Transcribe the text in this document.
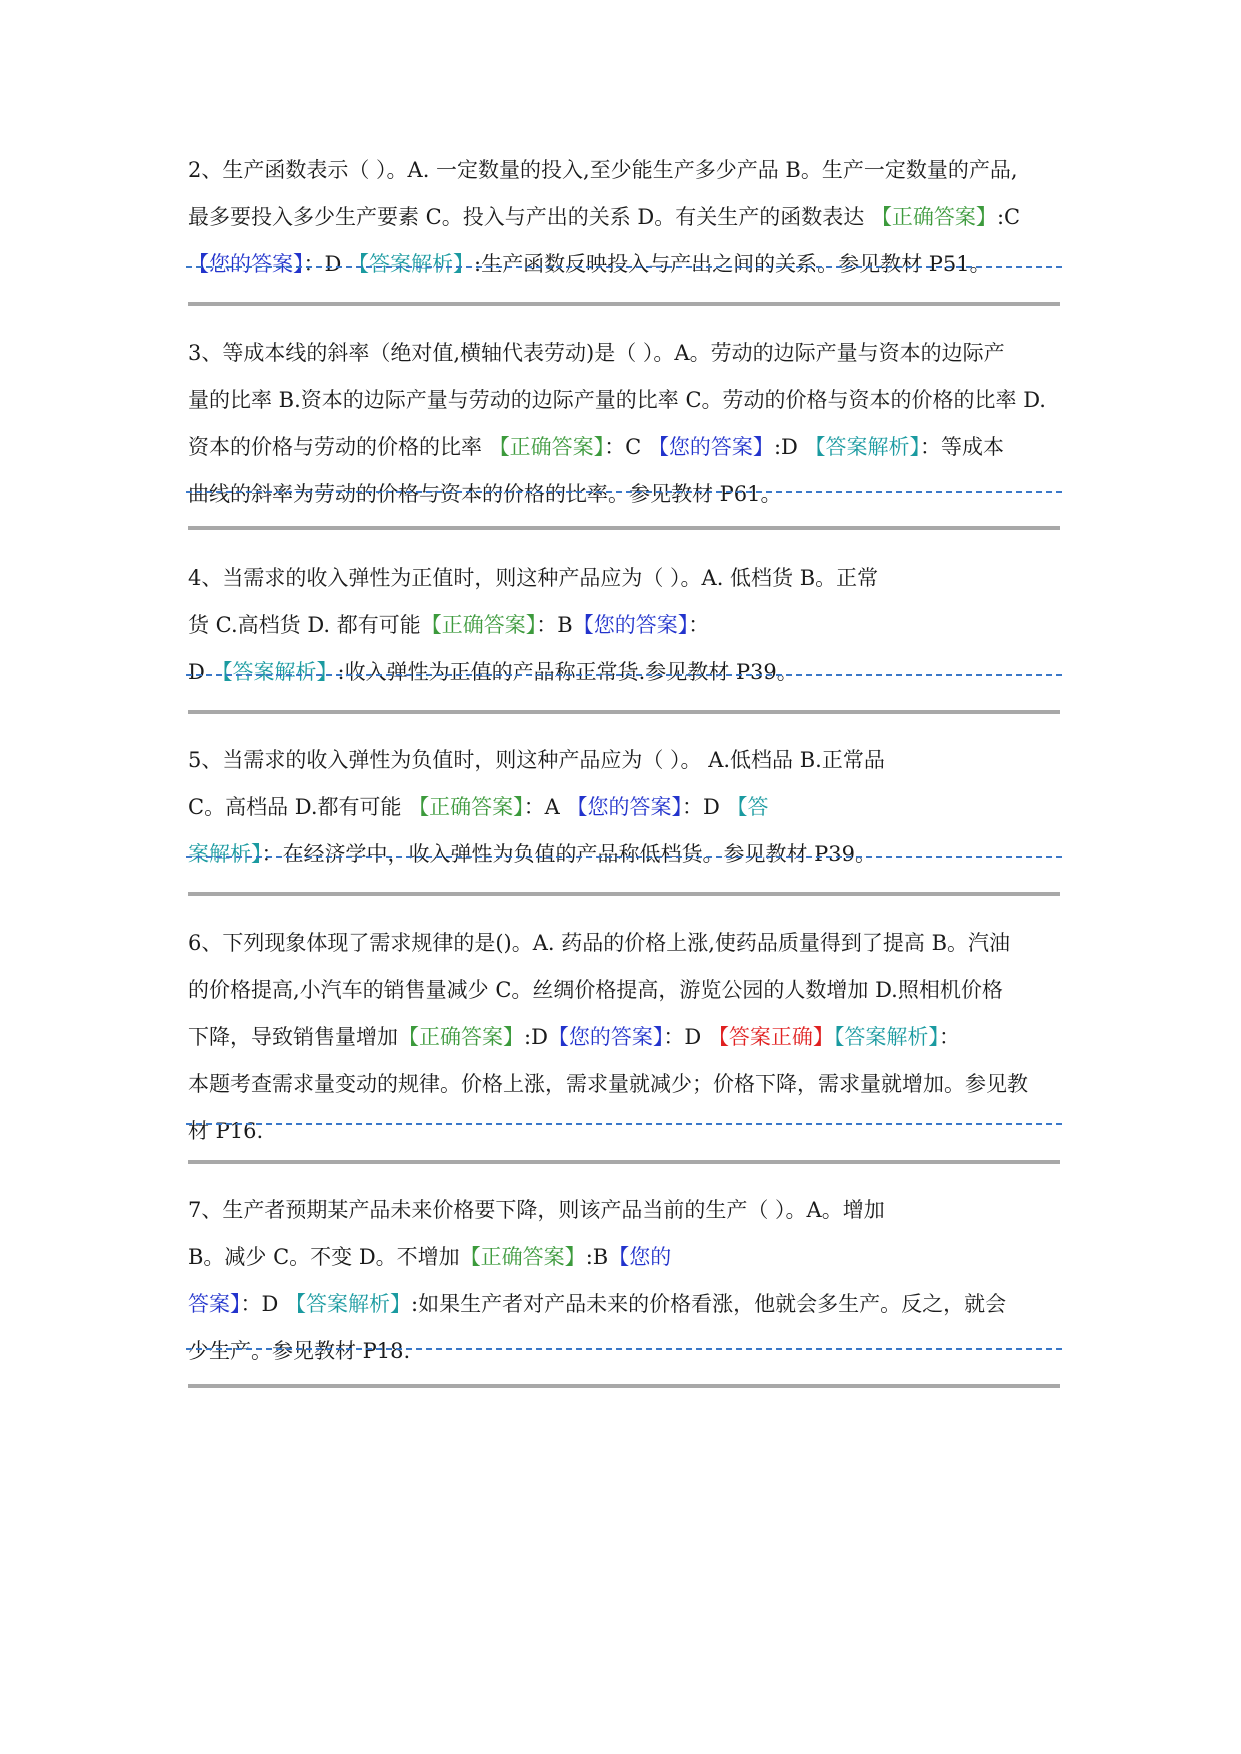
2、生产函数表示（ ）。A. 一定数量的投入,至少能生产多少产品 B。生产一定数量的产品,

最多要投入多少生产要素 C。投入与产出的关系 D。有关生产的函数表达 【正确答案】:C

【您的答案】：D 【答案解析】:生产函数反映投入与产出之间的关系。参见教材 P51。

3、等成本线的斜率（绝对值,横轴代表劳动)是（ ）。A。劳动的边际产量与资本的边际产

量的比率 B.资本的边际产量与劳动的边际产量的比率 C。劳动的价格与资本的价格的比率 D.

资本的价格与劳动的价格的比率 【正确答案】：C 【您的答案】:D 【答案解析】：等成本

曲线的斜率为劳动的价格与资本的价格的比率。参见教材 P61。

4、当需求的收入弹性为正值时，则这种产品应为（ ）。A. 低档货 B。正常

货 C.高档货 D. 都有可能【正确答案】：B【您的答案】：

D 【答案解析】:收入弹性为正值的产品称正常货.参见教材 P39。

5、当需求的收入弹性为负值时，则这种产品应为（ ）。 A.低档品 B.正常品

C。高档品 D.都有可能 【正确答案】：A 【您的答案】：D 【答

案解析】：在经济学中，收入弹性为负值的产品称低档货。参见教材 P39。

6、下列现象体现了需求规律的是()。A. 药品的价格上涨,使药品质量得到了提高 B。汽油

的价格提高,小汽车的销售量减少 C。丝绸价格提高，游览公园的人数增加 D.照相机价格

下降，导致销售量增加【正确答案】:D【您的答案】：D 【答案正确】【答案解析】：

本题考查需求量变动的规律。价格上涨，需求量就减少；价格下降，需求量就增加。参见教

材 P16.

7、生产者预期某产品未来价格要下降，则该产品当前的生产（ ）。A。增加

B。减少 C。不变 D。不增加【正确答案】:B【您的

答案】：D 【答案解析】:如果生产者对产品未来的价格看涨，他就会多生产。反之，就会

少生产。参见教材 P18.
